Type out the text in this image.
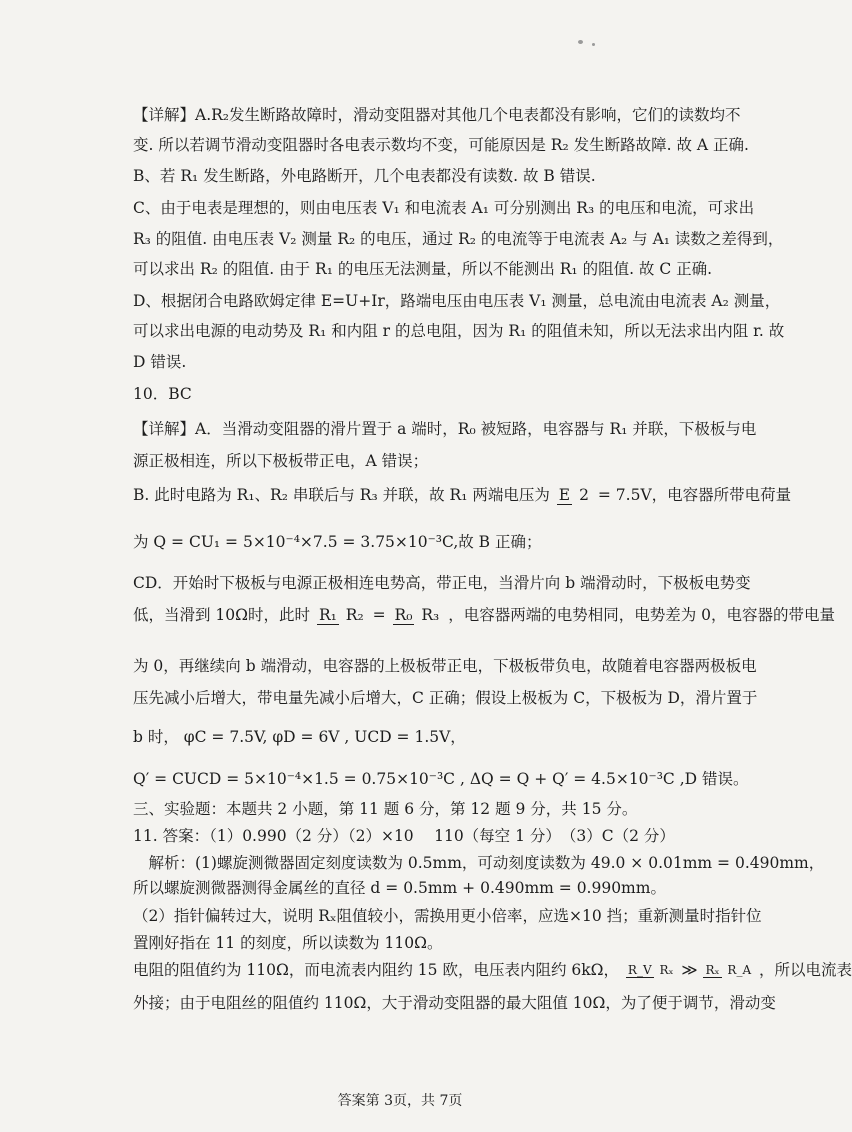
【详解】A.R₂发生断路故障时，滑动变阻器对其他几个电表都没有影响，它们的读数均不
变. 所以若调节滑动变阻器时各电表示数均不变，可能原因是 R₂ 发生断路故障. 故 A 正确.
B、若 R₁ 发生断路，外电路断开，几个电表都没有读数. 故 B 错误.
C、由于电表是理想的，则由电压表 V₁ 和电流表 A₁ 可分别测出 R₃ 的电压和电流，可求出
R₃ 的阻值. 由电压表 V₂ 测量 R₂ 的电压，通过 R₂ 的电流等于电流表 A₂ 与 A₁ 读数之差得到，
可以求出 R₂ 的阻值. 由于 R₁ 的电压无法测量，所以不能测出 R₁ 的阻值. 故 C 正确.
D、根据闭合电路欧姆定律 E=U+Ir，路端电压由电压表 V₁ 测量，总电流由电流表 A₂ 测量，
可以求出电源的电动势及 R₁ 和内阻 r 的总电阻，因为 R₁ 的阻值未知，所以无法求出内阻 r. 故
D 错误.
10．BC
【详解】A．当滑动变阻器的滑片置于 a 端时，R₀ 被短路，电容器与 R₁ 并联，下极板与电
源正极相连，所以下极板带正电，A 错误；
B. 此时电路为 R₁、R₂ 串联后与 R₃ 并联，故 R₁ 两端电压为 E 2 = 7.5V，电容器所带电荷量
为 Q = CU₁ = 5×10⁻⁴×7.5 = 3.75×10⁻³C,故 B 正确；
CD．开始时下极板与电源正极相连电势高，带正电，当滑片向 b 端滑动时，下极板电势变
低，当滑到 10Ω时，此时 R₁ R₂ = R₀ R₃ ，电容器两端的电势相同，电势差为 0，电容器的带电量
为 0，再继续向 b 端滑动，电容器的上极板带正电，下极板带负电，故随着电容器两极板电
压先减小后增大，带电量先减小后增大，C 正确；假设上极板为 C，下极板为 D，滑片置于
b 时， φC = 7.5V, φD = 6V , UCD = 1.5V，
Q′ = CUCD = 5×10⁻⁴×1.5 = 0.75×10⁻³C , ΔQ = Q + Q′ = 4.5×10⁻³C ,D 错误。
三、实验题：本题共 2 小题，第 11 题 6 分，第 12 题 9 分，共 15 分。
11. 答案：（1）0.990（2 分）（2）×10　 110（每空 1 分）　（3）C（2 分）
　解析：(1)螺旋测微器固定刻度读数为 0.5mm，可动刻度读数为 49.0 × 0.01mm = 0.490mm，
所以螺旋测微器测得金属丝的直径 d = 0.5mm + 0.490mm = 0.990mm。
（2）指针偏转过大，说明 Rₓ阻值较小，需换用更小倍率，应选×10 挡；重新测量时指针位
置刚好指在 11 的刻度，所以读数为 110Ω。
电阻的阻值约为 110Ω，而电流表内阻约 15 欧，电压表内阻约 6kΩ， R_V Rₓ ≫ Rₓ R_A ，所以电流表
外接；由于电阻丝的阻值约 110Ω，大于滑动变阻器的最大阻值 10Ω，为了便于调节，滑动变
答案第 3页，共 7页
